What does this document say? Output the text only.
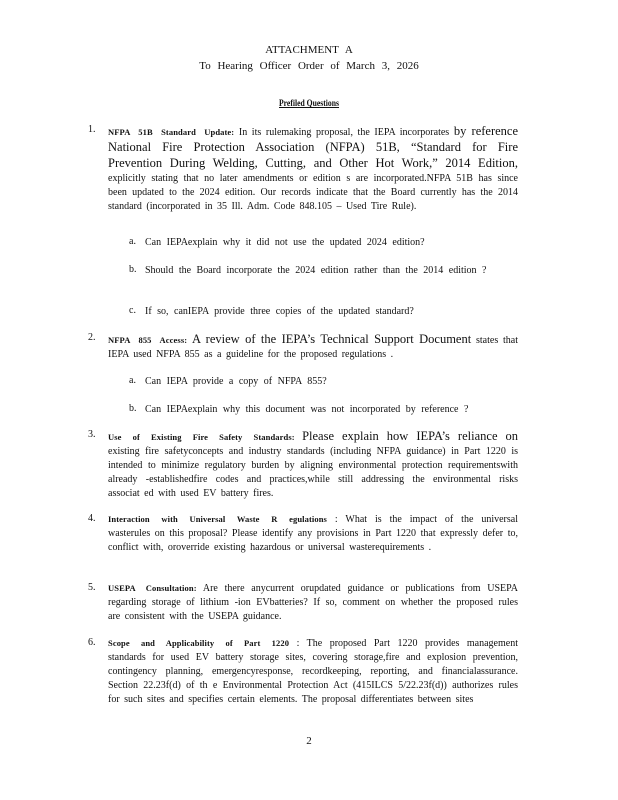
ATTACHMENT A
To Hearing Officer Order of March 3, 2026
Prefiled Questions
1. NFPA 51B Standard Update: In its rulemaking proposal, the IEPA incorporates by reference National Fire Protection Association (NFPA) 51B, “Standard for Fire Prevention During Welding, Cutting, and Other Hot Work,” 2014 Edition, explicitly stating that no later amendments or edition s are incorporated.NFPA 51B has since been updated to the 2024 edition. Our records indicate that the Board currently has the 2014 standard (incorporated in 35 Ill. Adm. Code 848.105 – Used Tire Rule).

a. Can IEPAexplain why it did not use the updated 2024 edition?

b. Should the Board incorporate the 2024 edition rather than the 2014 edition ?

c. If so, canIEPA provide three copies of the updated standard?

2. NFPA 855 Access: A review of the IEPA’s Technical Support Document states that IEPA used NFPA 855 as a guideline for the proposed regulations .

a. Can IEPA provide a copy of NFPA 855?

b. Can IEPAexplain why this document was not incorporated by reference ?

3. Use of Existing Fire Safety Standards: Please explain how IEPA’s reliance on existing fire safetyconcepts and industry standards (including NFPA guidance) in Part 1220 is intended to minimize regulatory burden by aligning environmental protection requirementswith already -establishedfire codes and practices,while still addressing the environmental risks associat ed with used EV battery fires.

4. Interaction with Universal Waste R egulations : What is the impact of the universal wasterules on this proposal? Please identify any provisions in Part 1220 that expressly defer to, conflict with, oroverride existing hazardous or universal wasterequirements .

5. USEPA Consultation: Are there anycurrent orupdated guidance or publications from USEPA regarding storage of lithium -ion EVbatteries? If so, comment on whether the proposed rules are consistent with the USEPA guidance.

6. Scope and Applicability of Part 1220 : The proposed Part 1220 provides management standards for used EV battery storage sites, covering storage,fire and explosion prevention, contingency planning, emergencyresponse, recordkeeping, reporting, and financialassurance. Section 22.23f(d) of th e Environmental Protection Act (415ILCS 5/22.23f(d)) authorizes rules for such sites and specifies certain elements. The proposal differentiates between sites

2
